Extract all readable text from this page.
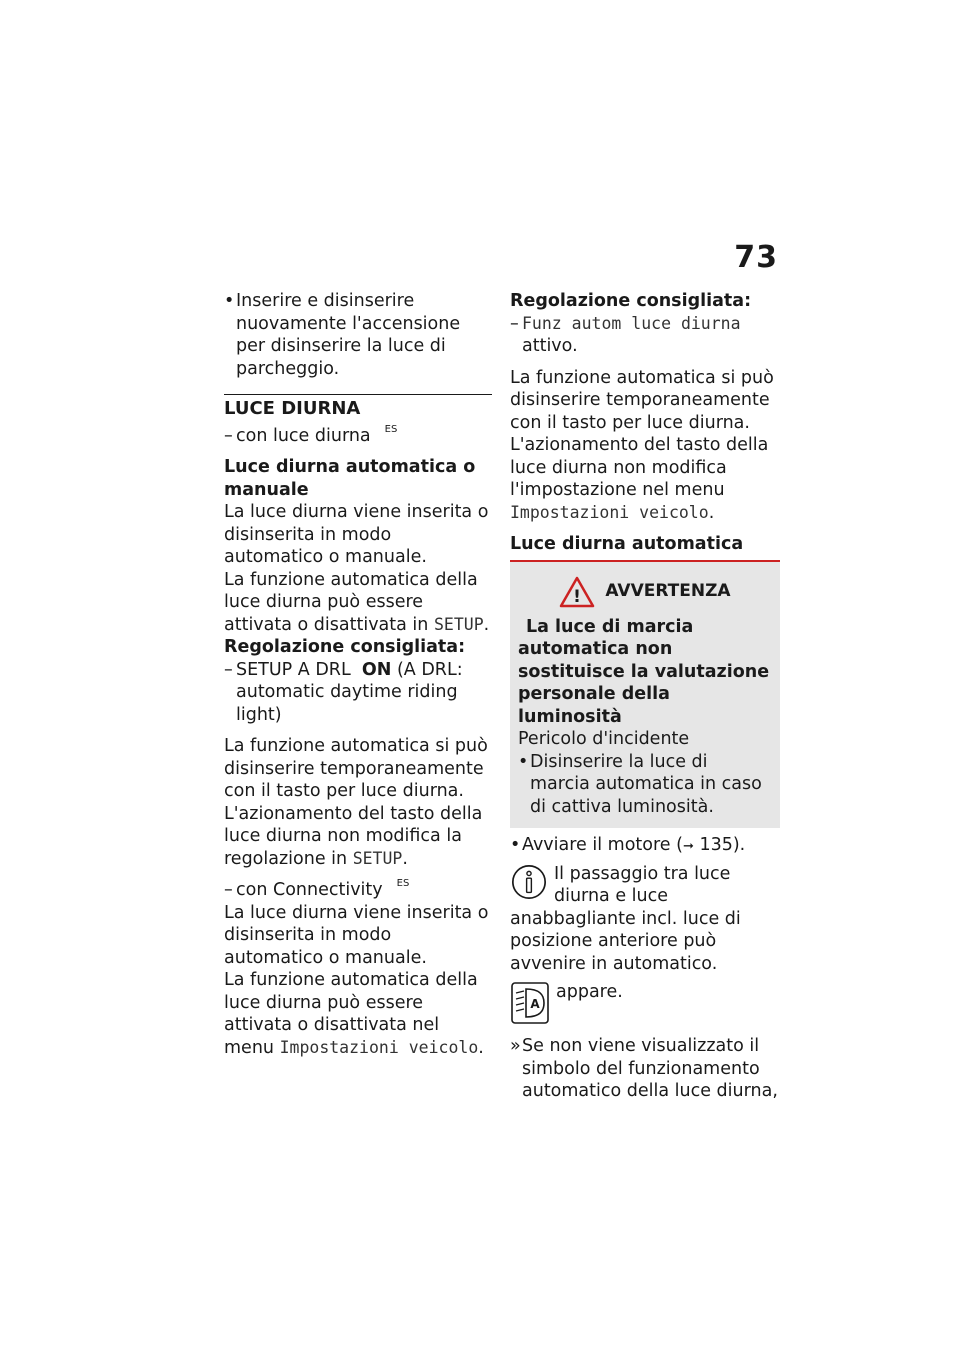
73
• Inserire e disinserire nuovamente l'accensione per disinserire la luce di parcheggio.

LUCE DIURNA
– con luce diurna ES

Luce diurna automatica o manuale

La luce diurna viene inserita o disinserita in modo automatico o manuale.

La funzione automatica della luce diurna può essere attivata o disattivata in SETUP.

Regolazione consigliata:

– SETUP A DRL ON (A DRL: automatic daytime riding light)

La funzione automatica si può disinserire temporaneamente con il tasto per luce diurna. L'azionamento del tasto della luce diurna non modifica la regolazione in SETUP.

– con Connectivity ES

La luce diurna viene inserita o disinserita in modo automatico o manuale.

La funzione automatica della luce diurna può essere attivata o disattivata nel menu Impostazioni veicolo.

Regolazione consigliata:

– Funz autom luce diurna attivo.

La funzione automatica si può disinserire temporaneamente con il tasto per luce diurna. L'azionamento del tasto della luce diurna non modifica l'impostazione nel menu Impostazioni veicolo.

Luce diurna automatica

! AVVERTENZA

La luce di marcia automatica non sostituisce la valutazione personale della luminosità

Pericolo d'incidente

• Disinserire la luce di marcia automatica in caso di cattiva luminosità.

• Avviare il motore (➞ 135).

Il passaggio tra luce diurna e luce anabbagliante incl. luce di posizione anteriore può avvenire in automatico.

A

appare.

» Se non viene visualizzato il simbolo del funzionamento automatico della luce diurna,
